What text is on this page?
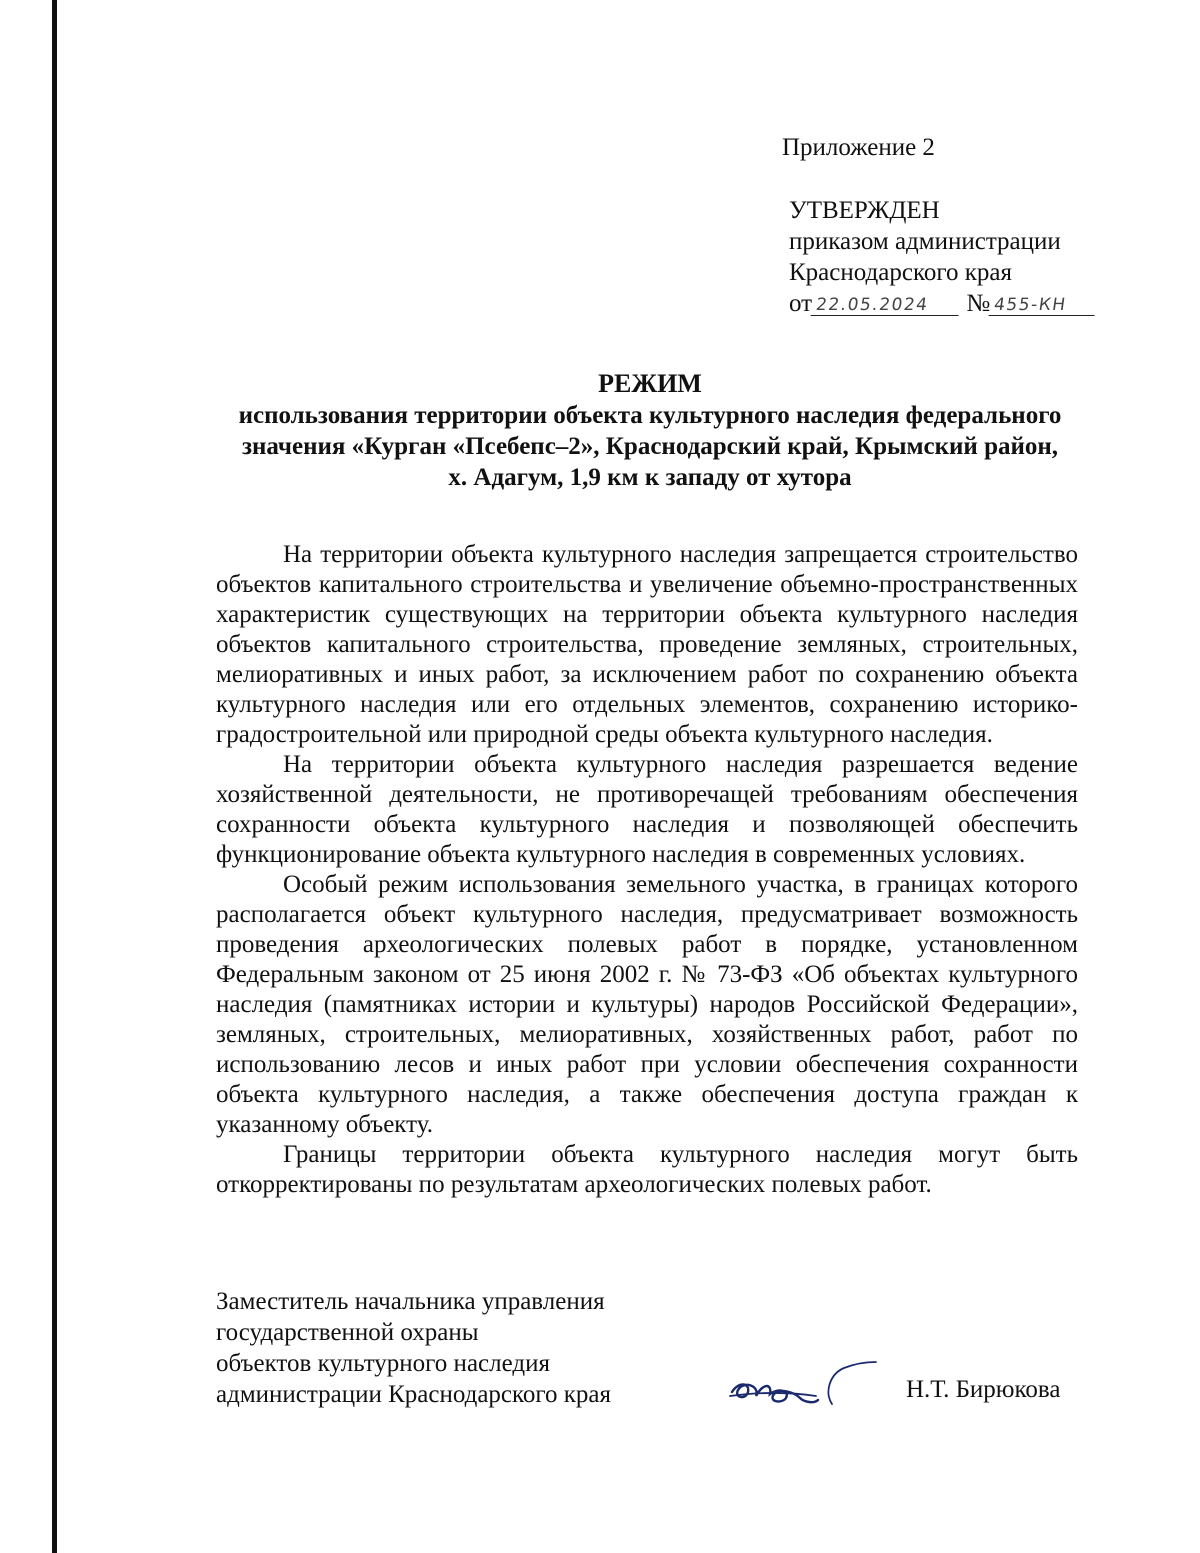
Приложение 2
УТВЕРЖДЕН
приказом администрации
Краснодарского края
от 22.05.2024 № 455-КН
РЕЖИМ
использования территории объекта культурного наследия федерального
значения «Курган «Псебепс–2», Краснодарский край, Крымский район,
х. Адагум, 1,9 км к западу от хутора

На территории объекта культурного наследия запрещается строительство объектов капитального строительства и увеличение объемно-пространственных характеристик существующих на территории объекта культурного наследия объектов капитального строительства, проведение земляных, строительных, мелиоративных и иных работ, за исключением работ по сохранению объекта культурного наследия или его отдельных элементов, сохранению историко-градостроительной или природной среды объекта культурного наследия.

На территории объекта культурного наследия разрешается ведение хозяйственной деятельности, не противоречащей требованиям обеспечения сохранности объекта культурного наследия и позволяющей обеспечить функционирование объекта культурного наследия в современных условиях.

Особый режим использования земельного участка, в границах которого располагается объект культурного наследия, предусматривает возможность проведения археологических полевых работ в порядке, установленном Федеральным законом от 25 июня 2002 г. № 73-ФЗ «Об объектах культурного наследия (памятниках истории и культуры) народов Российской Федерации», земляных, строительных, мелиоративных, хозяйственных работ, работ по использованию лесов и иных работ при условии обеспечения сохранности объекта культурного наследия, а также обеспечения доступа граждан к указанному объекту.

Границы территории объекта культурного наследия могут быть откорректированы по результатам археологических полевых работ.

Заместитель начальника управления
государственной охраны
объектов культурного наследия
администрации Краснодарского края	Н.Т. Бирюкова
